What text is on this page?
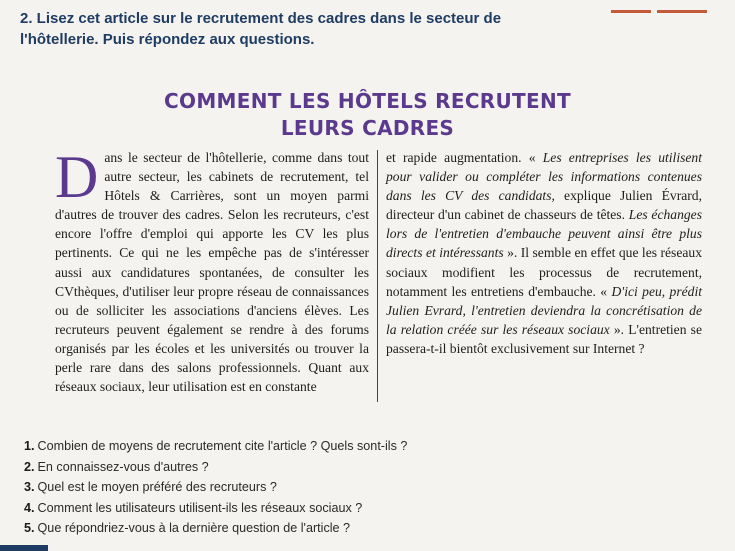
2. Lisez cet article sur le recrutement des cadres dans le secteur de l'hôtellerie. Puis répondez aux questions.
COMMENT LES HÔTELS RECRUTENT
LEURS CADRES
Dans le secteur de l'hôtellerie, comme dans tout autre secteur, les cabinets de recrutement, tel Hôtels & Carrières, sont un moyen parmi d'autres de trouver des cadres. Selon les recruteurs, c'est encore l'offre d'emploi qui apporte les CV les plus pertinents. Ce qui ne les empêche pas de s'intéresser aussi aux candidatures spontanées, de consulter les CVthèques, d'utiliser leur propre réseau de connaissances ou de solliciter les associations d'anciens élèves. Les recruteurs peuvent également se rendre à des forums organisés par les écoles et les universités ou trouver la perle rare dans des salons professionnels. Quant aux réseaux sociaux, leur utilisation est en constante
et rapide augmentation. « Les entreprises les utilisent pour valider ou compléter les informations contenues dans les CV des candidats, explique Julien Évrard, directeur d'un cabinet de chasseurs de têtes. Les échanges lors de l'entretien d'embauche peuvent ainsi être plus directs et intéressants ». Il semble en effet que les réseaux sociaux modifient les processus de recrutement, notamment les entretiens d'embauche. « D'ici peu, prédit Julien Evrard, l'entretien deviendra la concrétisation de la relation créée sur les réseaux sociaux ». L'entretien se passera-t-il bientôt exclusivement sur Internet ?
1. Combien de moyens de recrutement cite l'article ? Quels sont-ils ?
2. En connaissez-vous d'autres ?
3. Quel est le moyen préféré des recruteurs ?
4. Comment les utilisateurs utilisent-ils les réseaux sociaux ?
5. Que répondriez-vous à la dernière question de l'article ?
